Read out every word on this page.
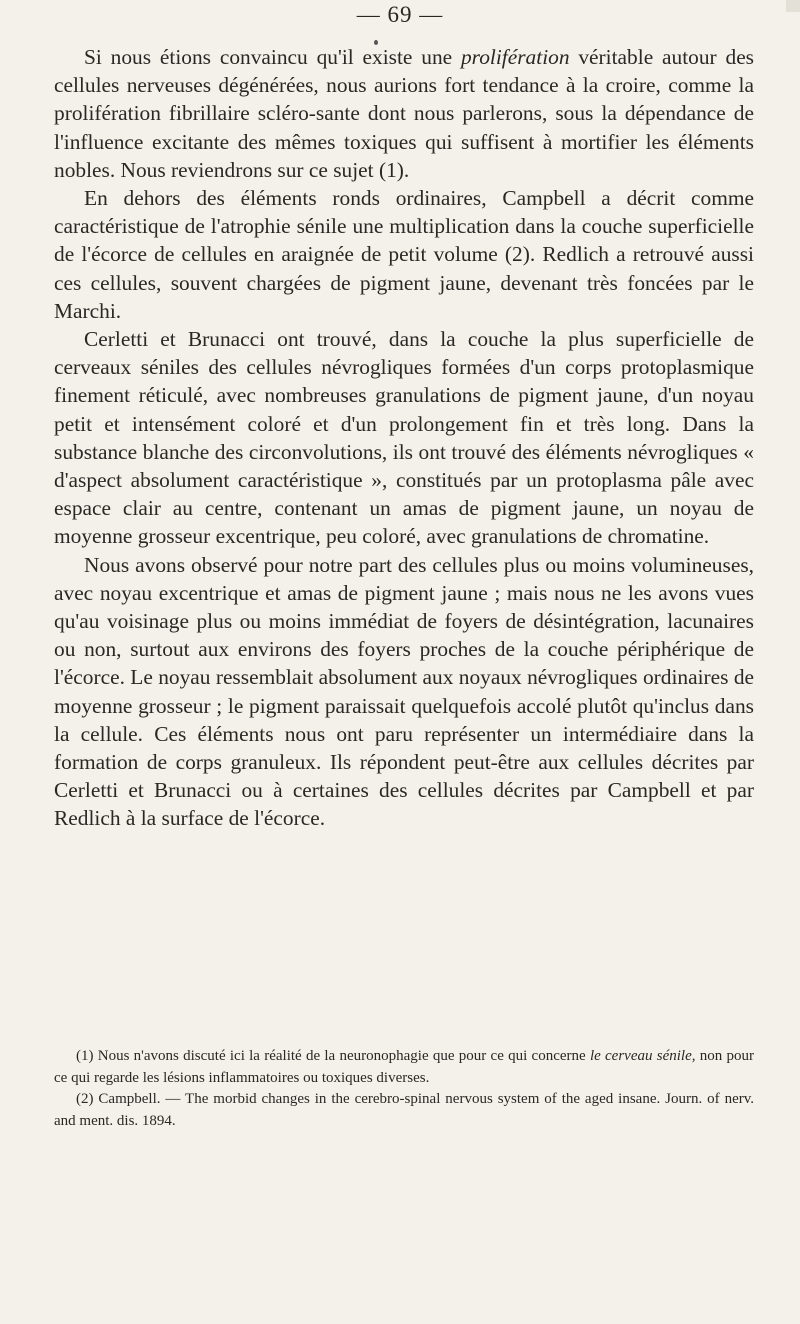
— 69 —

Si nous étions convaincu qu'il existe une prolifération véritable autour des cellules nerveuses dégénérées, nous aurions fort tendance à la croire, comme la prolifération fibrillaire scléro-sante dont nous parlerons, sous la dépendance de l'influence excitante des mêmes toxiques qui suffisent à mortifier les éléments nobles. Nous reviendrons sur ce sujet (1).

En dehors des éléments ronds ordinaires, Campbell a décrit comme caractéristique de l'atrophie sénile une multiplication dans la couche superficielle de l'écorce de cellules en araignée de petit volume (2). Redlich a retrouvé aussi ces cellules, souvent chargées de pigment jaune, devenant très foncées par le Marchi.

Cerletti et Brunacci ont trouvé, dans la couche la plus superficielle de cerveaux séniles des cellules névrogliques formées d'un corps protoplasmique finement réticulé, avec nombreuses granulations de pigment jaune, d'un noyau petit et intensément coloré et d'un prolongement fin et très long. Dans la substance blanche des circonvolutions, ils ont trouvé des éléments névrogliques « d'aspect absolument caractéristique », constitués par un protoplasma pâle avec espace clair au centre, contenant un amas de pigment jaune, un noyau de moyenne grosseur excentrique, peu coloré, avec granulations de chromatine.

Nous avons observé pour notre part des cellules plus ou moins volumineuses, avec noyau excentrique et amas de pigment jaune ; mais nous ne les avons vues qu'au voisinage plus ou moins immédiat de foyers de désintégration, lacunaires ou non, surtout aux environs des foyers proches de la couche périphérique de l'écorce. Le noyau ressemblait absolument aux noyaux névrogliques ordinaires de moyenne grosseur ; le pigment paraissait quelquefois accolé plutôt qu'inclus dans la cellule. Ces éléments nous ont paru représenter un intermédiaire dans la formation de corps granuleux. Ils répondent peut-être aux cellules décrites par Cerletti et Brunacci ou à certaines des cellules décrites par Campbell et par Redlich à la surface de l'écorce.

(1) Nous n'avons discuté ici la réalité de la neuronophagie que pour ce qui concerne le cerveau sénile, non pour ce qui regarde les lésions inflammatoires ou toxiques diverses.

(2) Campbell. — The morbid changes in the cerebro-spinal nervous system of the aged insane. Journ. of nerv. and ment. dis. 1894.
